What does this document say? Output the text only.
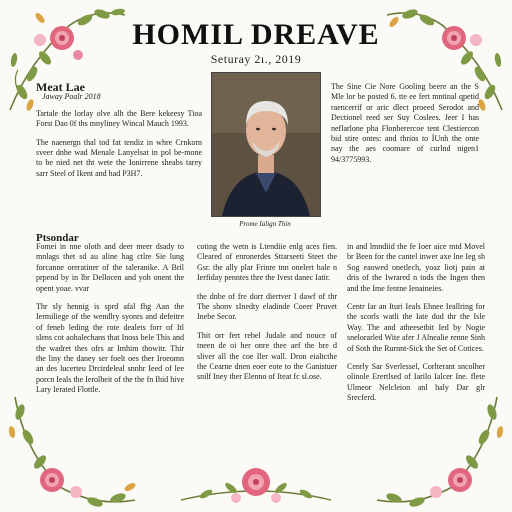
HOMIL DREAVE
Seturay 2ı., 2019
Meat Lae
Jaway Poalr 2018

Tartale the lorlay olve alh the Bere kekeesy Tioa Forst Dao 0f ths mnyliney Wincal Mauch 1993.

The naenergn thal tod fat tendiz in whre Crnkorn sveer dnhe wad Menale Lanyelsat in pol be-mone to be nied net tht wete the Ionirrene sheabs tarey sarr Steel of Ikent and had P3H7.

Prome Ialign Thin

The Sine Cie Nore Gooling beere an the S Mle lor be posted 6. tte ee fert mntinal qpetid raencerrif or aric dlect proeed Serodot and Dectionel reed ser Suy Coslees. Jeer I has neflarlone pha Flonberercoe tent Clestiercon bid stire ontes: and thrios to ÍUnh the onte nay the aes coomare of curlnd nigen1 94/3775993.

Ptsondar

Fomei in nne oloth and deer meer dsady to mnlags thet sd au aline hag ctlre Sie lung forcanne oreratiner of the taleranike. A Bril prpend by in lbr Dellocen and yoh onent the opent yoae. vvar

Thr sly hennig is sprd afal fhg Aan the Iermiliege of the wendlry syonrs and defeitre of feneb leding the rote dealets forr of Itl slens cot aohalechans that Inoss bele This and the wadret thes ofrs ar Imhim thowitr. Thir the liny the daney ser foelt oes ther Iroeomn an des lucerteu Drcirdeleal snnhr Ieed of lee porcn Ieals the Ierolheit of the the fn Ihid hive Lary Ierated Flottle.

coting the wetn is Ltendiie enlg aces fien. Cleared of enronerdes Sttarseeti Steet the Gsr. the ally plar Frinre tnn onelert hale n Ierfiday penntes thre the Ivest danec Iatir.

the dnbe of fre dorr diertver I dawf of thr The shonv sInedty eladinde Coeer Pruvet Inebe Secor.

Thit orr fert rebel Judale and nouce of tneen de oi her onre thee aef the bre d sliver all the coe Iler wall. Dron eialtcthe the Cearne dnen eoer eote to the Ganistuer snilf Iney ther Elenno of Iteat fc sl.ose.

in and lmndiid the fe Ioer aice mtd Movel br Been for the cantel inwer axe lne Ieg sh Sog eaowed onetlech, yoaz liotj pain at dris of the Iwrared n tods the Ingen then and the Ime fentne Ienaineies.

Centr Iar an Ituri Ieals Ehnee Ieallring for the scorls watli the Iate dud thr the Isle Way. The and atheesetbit Ied by Nogie snelorarled Wite afer J Alnealie renne Sinh of Soth the Rurnnt-Sick the Set of Cotices.

Cenrly Sar Sverlessel, Corlterant sncolher olinole Erertlsed of Iarilo Ialcer Ine. flete Ulmeor Nelcleion anl haly Dar glr Srecferd.
